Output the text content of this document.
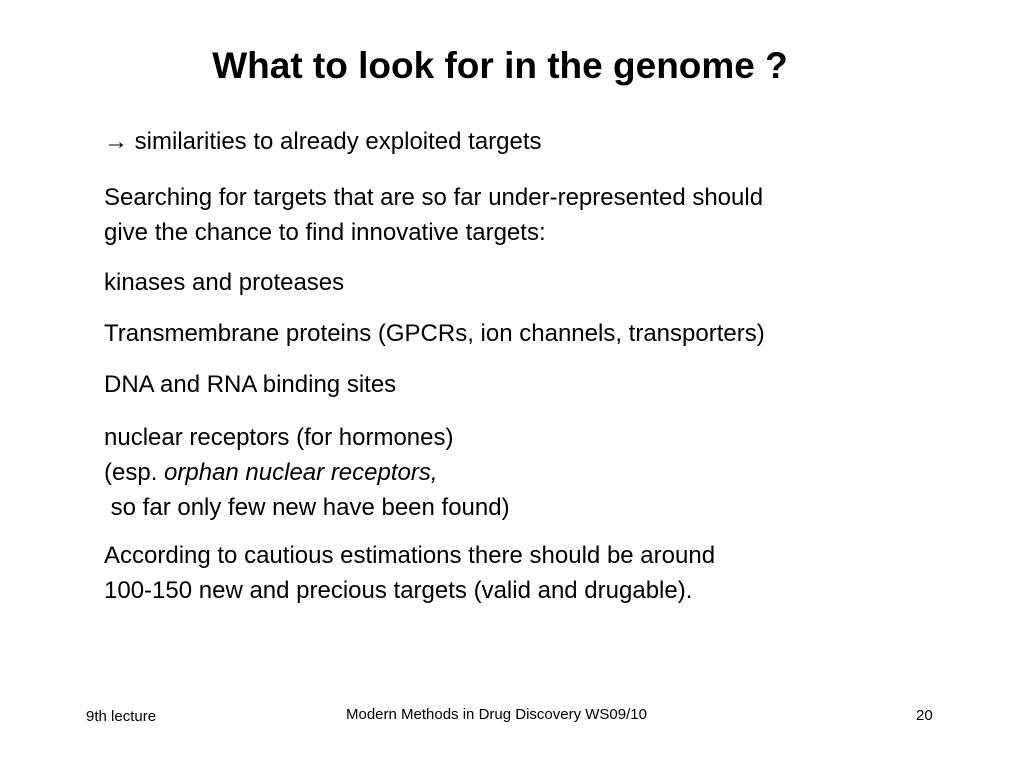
What to look for in the genome ?
→ similarities to already exploited targets
Searching for targets that are so far under-represented should
give the chance to find innovative targets:
kinases and proteases
Transmembrane proteins (GPCRs, ion channels, transporters)
DNA and RNA binding sites
nuclear receptors (for hormones)
(esp. orphan nuclear receptors,
so far only few new have been found)
According to cautious estimations there should be around
100-150 new and precious targets (valid and drugable).
9th lecture	Modern Methods in Drug Discovery WS09/10	20
